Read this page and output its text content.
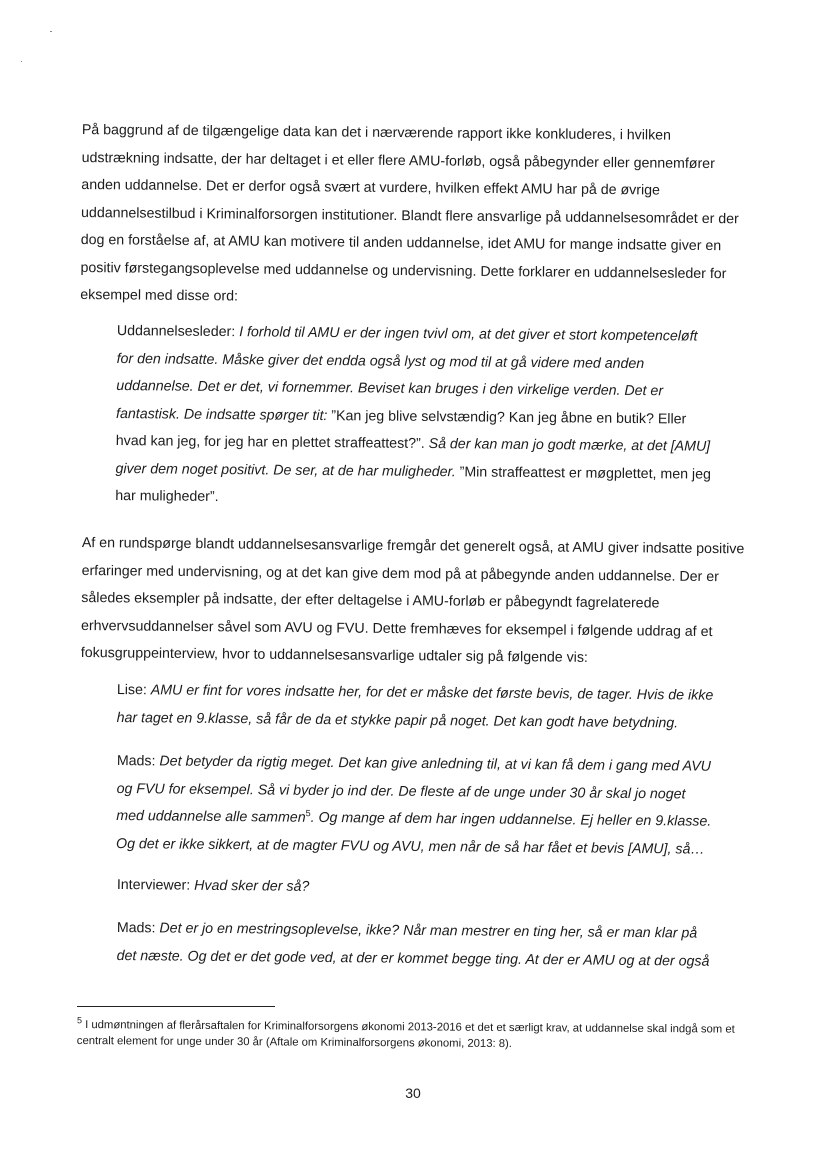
På baggrund af de tilgængelige data kan det i nærværende rapport ikke konkluderes, i hvilken udstrækning indsatte, der har deltaget i et eller flere AMU-forløb, også påbegynder eller gennemfører anden uddannelse. Det er derfor også svært at vurdere, hvilken effekt AMU har på de øvrige uddannelsestilbud i Kriminalforsorgen institutioner. Blandt flere ansvarlige på uddannelsesområdet er der dog en forståelse af, at AMU kan motivere til anden uddannelse, idet AMU for mange indsatte giver en positiv førstegangsoplevelse med uddannelse og undervisning. Dette forklarer en uddannelsesleder for eksempel med disse ord:

Uddannelsesleder: I forhold til AMU er der ingen tvivl om, at det giver et stort kompetenceløft for den indsatte. Måske giver det endda også lyst og mod til at gå videre med anden uddannelse. Det er det, vi fornemmer. Beviset kan bruges i den virkelige verden. Det er fantastisk. De indsatte spørger tit: ”Kan jeg blive selvstændig? Kan jeg åbne en butik? Eller hvad kan jeg, for jeg har en plettet straffeattest?”. Så der kan man jo godt mærke, at det [AMU] giver dem noget positivt. De ser, at de har muligheder. ”Min straffeattest er møgplettet, men jeg har muligheder”.

Af en rundspørge blandt uddannelsesansvarlige fremgår det generelt også, at AMU giver indsatte positive erfaringer med undervisning, og at det kan give dem mod på at påbegynde anden uddannelse. Der er således eksempler på indsatte, der efter deltagelse i AMU-forløb er påbegyndt fagrelaterede erhvervsuddannelser såvel som AVU og FVU. Dette fremhæves for eksempel i følgende uddrag af et fokusgruppeinterview, hvor to uddannelsesansvarlige udtaler sig på følgende vis:

Lise: AMU er fint for vores indsatte her, for det er måske det første bevis, de tager. Hvis de ikke har taget en 9.klasse, så får de da et stykke papir på noget. Det kan godt have betydning.

Mads: Det betyder da rigtig meget. Det kan give anledning til, at vi kan få dem i gang med AVU og FVU for eksempel. Så vi byder jo ind der. De fleste af de unge under 30 år skal jo noget med uddannelse alle sammen$^5$. Og mange af dem har ingen uddannelse. Ej heller en 9.klasse. Og det er ikke sikkert, at de magter FVU og AVU, men når de så har fået et bevis [AMU], så…

Interviewer: Hvad sker der så?

Mads: Det er jo en mestringsoplevelse, ikke? Når man mestrer en ting her, så er man klar på det næste. Og det er det gode ved, at der er kommet begge ting. At der er AMU og at der også

$^5$ I udmøntningen af flerårsaftalen for Kriminalforsorgens økonomi 2013-2016 et det et særligt krav, at uddannelse skal indgå som et centralt element for unge under 30 år (Aftale om Kriminalforsorgens økonomi, 2013: 8).

30
